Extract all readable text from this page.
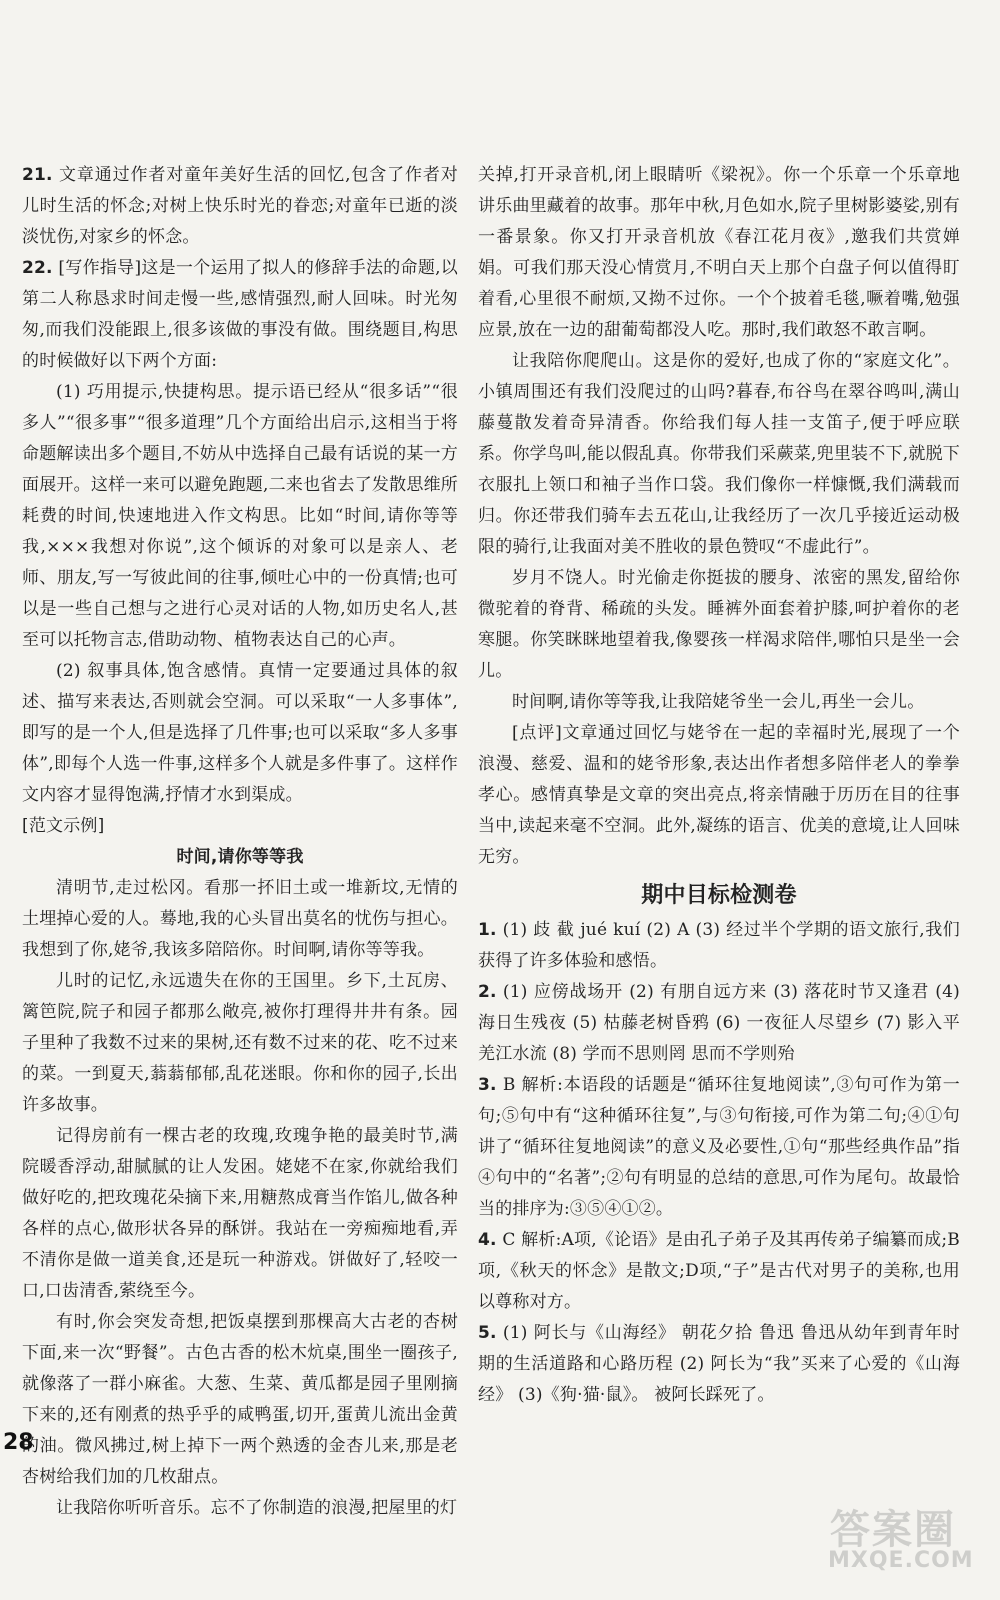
21. 文章通过作者对童年美好生活的回忆,包含了作者对儿时生活的怀念;对树上快乐时光的眷恋;对童年已逝的淡淡忧伤,对家乡的怀念。

22. [写作指导]这是一个运用了拟人的修辞手法的命题,以第二人称恳求时间走慢一些,感情强烈,耐人回味。时光匆匆,而我们没能跟上,很多该做的事没有做。围绕题目,构思的时候做好以下两个方面:

(1) 巧用提示,快捷构思。提示语已经从“很多话”“很多人”“很多事”“很多道理”几个方面给出启示,这相当于将命题解读出多个题目,不妨从中选择自己最有话说的某一方面展开。这样一来可以避免跑题,二来也省去了发散思维所耗费的时间,快速地进入作文构思。比如“时间,请你等等我,×××我想对你说”,这个倾诉的对象可以是亲人、老师、朋友,写一写彼此间的往事,倾吐心中的一份真情;也可以是一些自己想与之进行心灵对话的人物,如历史名人,甚至可以托物言志,借助动物、植物表达自己的心声。

(2) 叙事具体,饱含感情。真情一定要通过具体的叙述、描写来表达,否则就会空洞。可以采取“一人多事体”,即写的是一个人,但是选择了几件事;也可以采取“多人多事体”,即每个人选一件事,这样多个人就是多件事了。这样作文内容才显得饱满,抒情才水到渠成。

[范文示例]

时间,请你等等我

清明节,走过松冈。看那一抔旧土或一堆新坟,无情的土埋掉心爱的人。蓦地,我的心头冒出莫名的忧伤与担心。我想到了你,姥爷,我该多陪陪你。时间啊,请你等等我。

儿时的记忆,永远遗失在你的王国里。乡下,土瓦房、篱笆院,院子和园子都那么敞亮,被你打理得井井有条。园子里种了我数不过来的果树,还有数不过来的花、吃不过来的菜。一到夏天,蓊蓊郁郁,乱花迷眼。你和你的园子,长出许多故事。

记得房前有一棵古老的玫瑰,玫瑰争艳的最美时节,满院暖香浮动,甜腻腻的让人发困。姥姥不在家,你就给我们做好吃的,把玫瑰花朵摘下来,用糖熬成膏当作馅儿,做各种各样的点心,做形状各异的酥饼。我站在一旁痴痴地看,弄不清你是做一道美食,还是玩一种游戏。饼做好了,轻咬一口,口齿清香,萦绕至今。

有时,你会突发奇想,把饭桌摆到那棵高大古老的杏树下面,来一次“野餐”。古色古香的松木炕桌,围坐一圈孩子,就像落了一群小麻雀。大葱、生菜、黄瓜都是园子里刚摘下来的,还有刚煮的热乎乎的咸鸭蛋,切开,蛋黄儿流出金黄的油。微风拂过,树上掉下一两个熟透的金杏儿来,那是老杏树给我们加的几枚甜点。

让我陪你听听音乐。忘不了你制造的浪漫,把屋里的灯

关掉,打开录音机,闭上眼睛听《梁祝》。你一个乐章一个乐章地讲乐曲里藏着的故事。那年中秋,月色如水,院子里树影婆娑,别有一番景象。你又打开录音机放《春江花月夜》,邀我们共赏婵娟。可我们那天没心情赏月,不明白天上那个白盘子何以值得盯着看,心里很不耐烦,又拗不过你。一个个披着毛毯,噘着嘴,勉强应景,放在一边的甜葡萄都没人吃。那时,我们敢怒不敢言啊。

让我陪你爬爬山。这是你的爱好,也成了你的“家庭文化”。小镇周围还有我们没爬过的山吗?暮春,布谷鸟在翠谷鸣叫,满山藤蔓散发着奇异清香。你给我们每人挂一支笛子,便于呼应联系。你学鸟叫,能以假乱真。你带我们采蕨菜,兜里装不下,就脱下衣服扎上领口和袖子当作口袋。我们像你一样慷慨,我们满载而归。你还带我们骑车去五花山,让我经历了一次几乎接近运动极限的骑行,让我面对美不胜收的景色赞叹“不虚此行”。

岁月不饶人。时光偷走你挺拔的腰身、浓密的黑发,留给你微驼着的脊背、稀疏的头发。睡裤外面套着护膝,呵护着你的老寒腿。你笑眯眯地望着我,像婴孩一样渴求陪伴,哪怕只是坐一会儿。

时间啊,请你等等我,让我陪姥爷坐一会儿,再坐一会儿。

[点评]文章通过回忆与姥爷在一起的幸福时光,展现了一个浪漫、慈爱、温和的姥爷形象,表达出作者想多陪伴老人的拳拳孝心。感情真挚是文章的突出亮点,将亲情融于历历在目的往事当中,读起来毫不空洞。此外,凝练的语言、优美的意境,让人回味无穷。

期中目标检测卷

1. (1) 歧 截 jué kuí (2) A (3) 经过半个学期的语文旅行,我们获得了许多体验和感悟。

2. (1) 应傍战场开 (2) 有朋自远方来 (3) 落花时节又逢君 (4) 海日生残夜 (5) 枯藤老树昏鸦 (6) 一夜征人尽望乡 (7) 影入平羌江水流 (8) 学而不思则罔 思而不学则殆

3. B 解析:本语段的话题是“循环往复地阅读”,③句可作为第一句;⑤句中有“这种循环往复”,与③句衔接,可作为第二句;④①句讲了“循环往复地阅读”的意义及必要性,①句“那些经典作品”指④句中的“名著”;②句有明显的总结的意思,可作为尾句。故最恰当的排序为:③⑤④①②。

4. C 解析:A项,《论语》是由孔子弟子及其再传弟子编纂而成;B项,《秋天的怀念》是散文;D项,“子”是古代对男子的美称,也用以尊称对方。

5. (1) 阿长与《山海经》 朝花夕拾 鲁迅 鲁迅从幼年到青年时期的生活道路和心路历程 (2) 阿长为“我”买来了心爱的《山海经》 (3)《狗·猫·鼠》。 被阿长踩死了。

28
答案圈
MXQE.COM
